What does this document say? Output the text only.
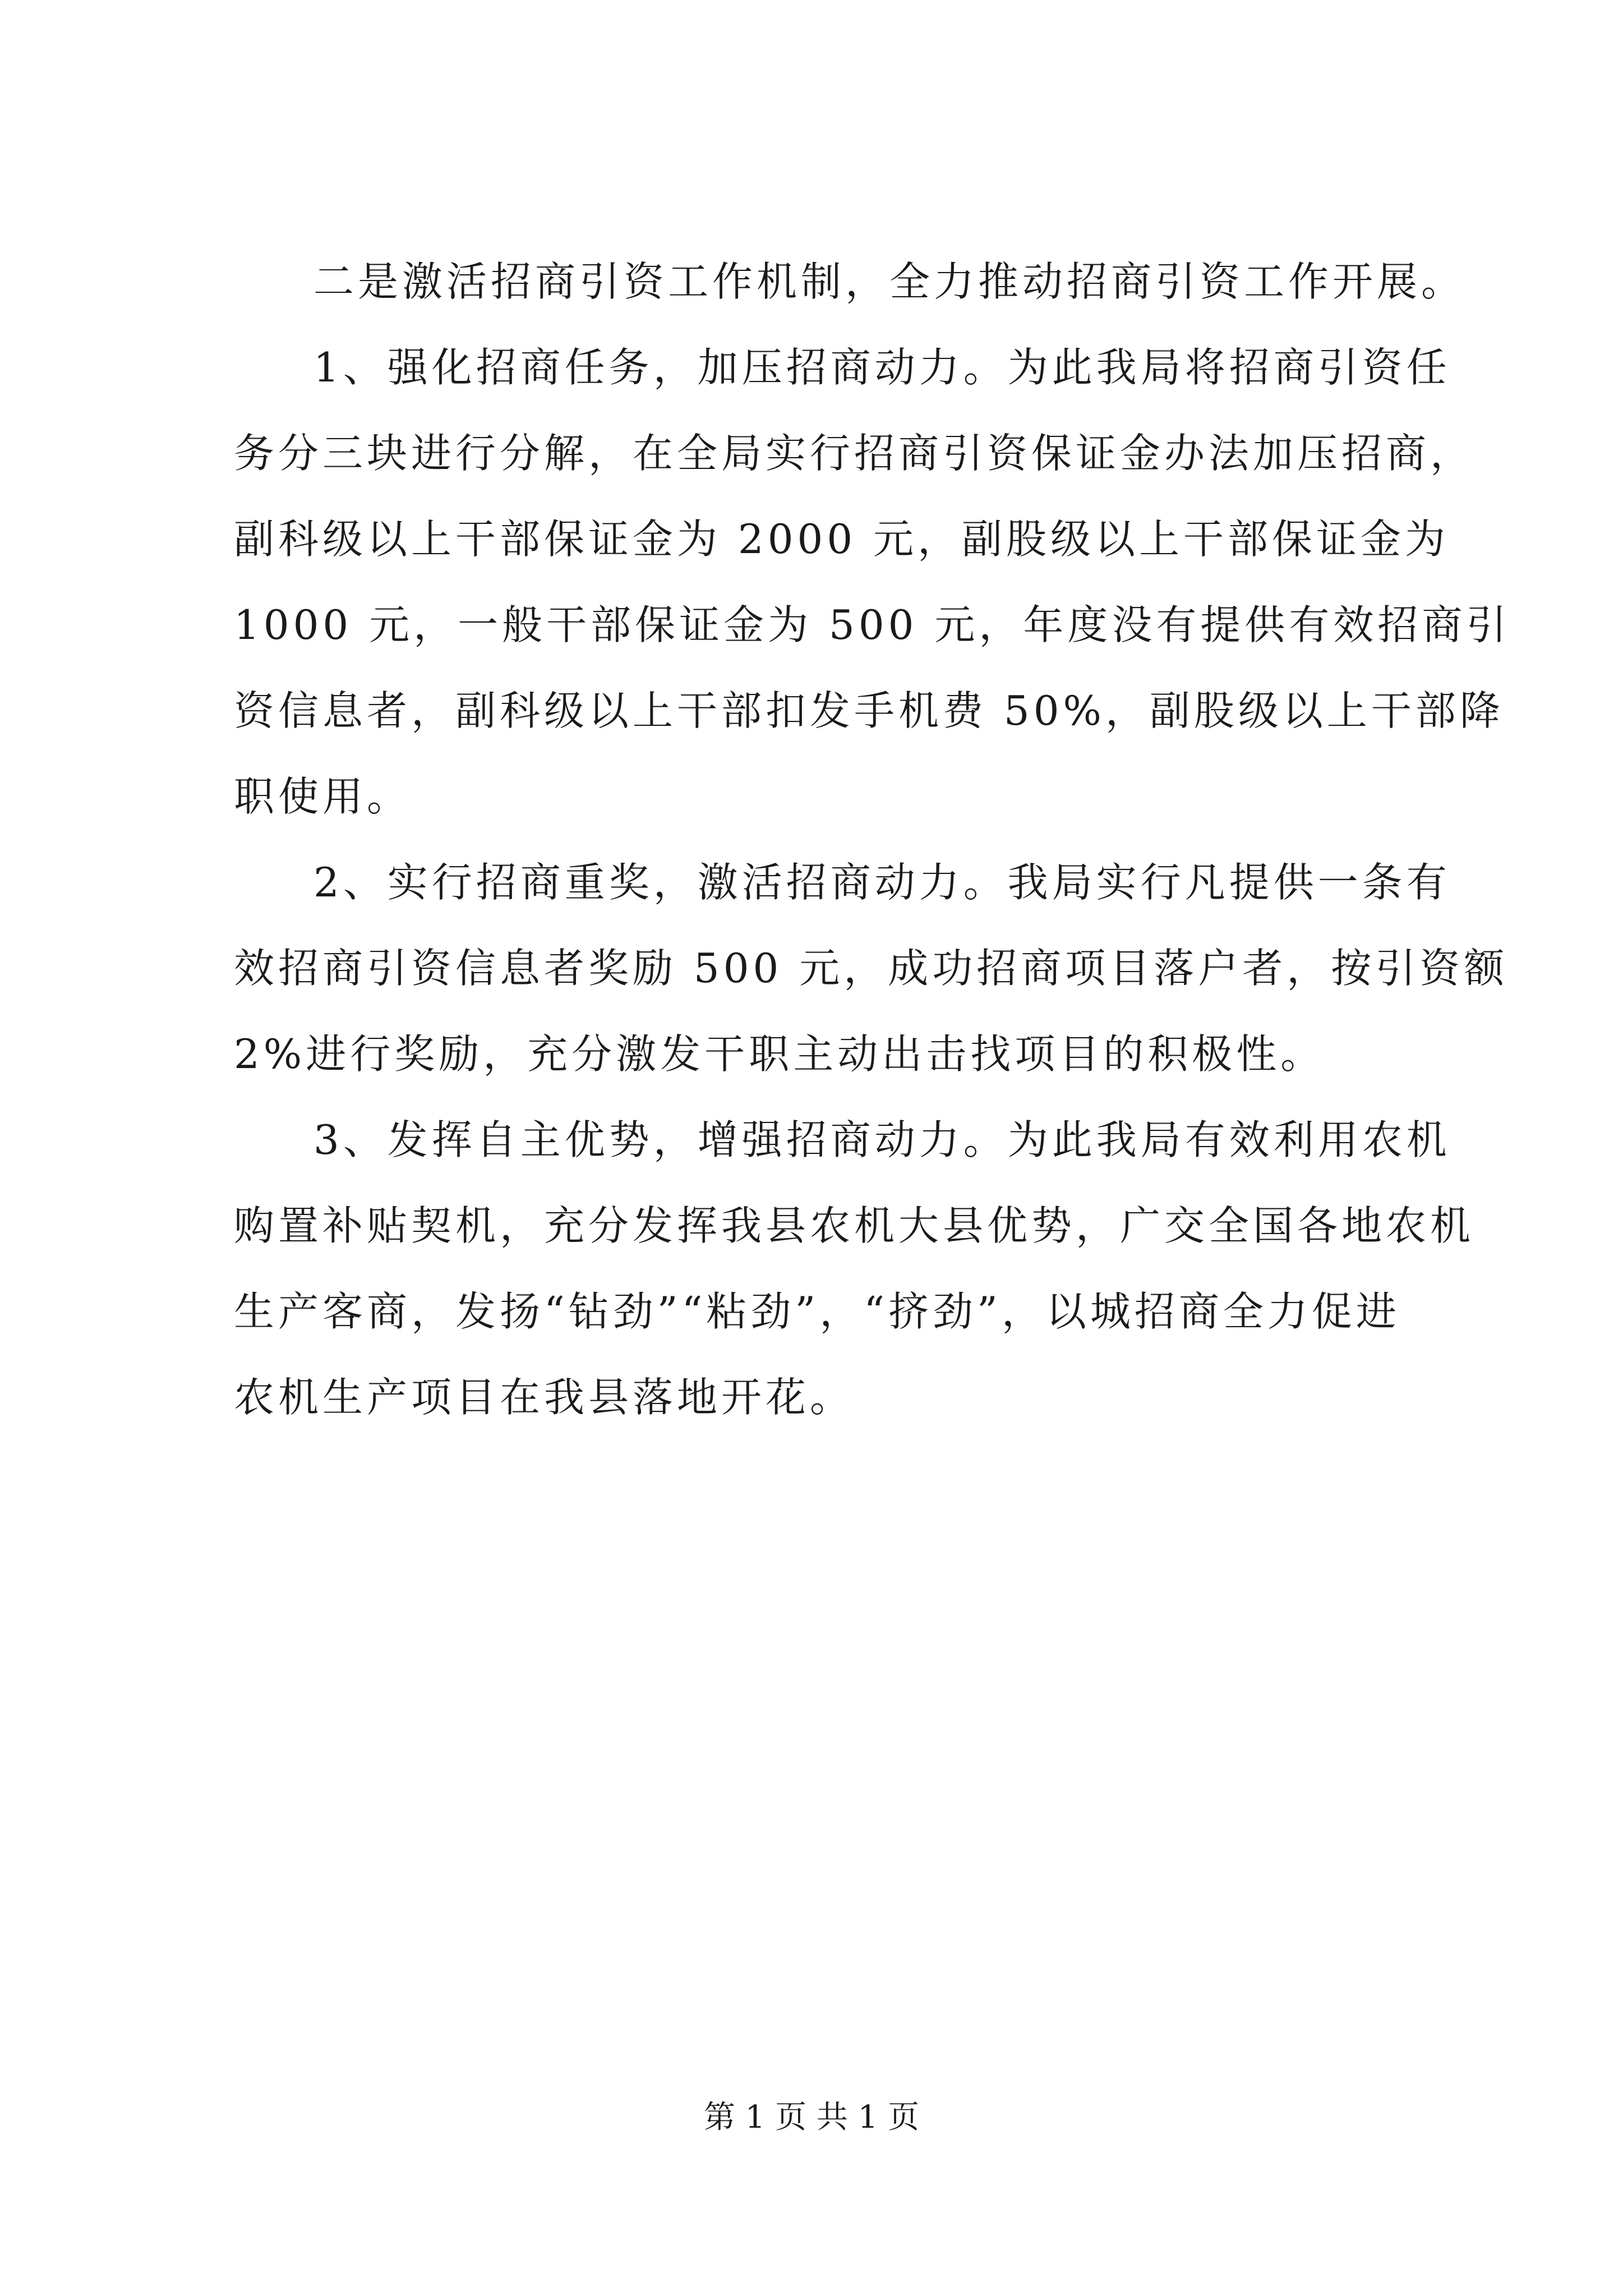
二是激活招商引资工作机制，全力推动招商引资工作开展。
1、强化招商任务，加压招商动力。为此我局将招商引资任
务分三块进行分解，在全局实行招商引资保证金办法加压招商，
副科级以上干部保证金为 2000 元，副股级以上干部保证金为
1000 元，一般干部保证金为 500 元，年度没有提供有效招商引
资信息者，副科级以上干部扣发手机费 50%，副股级以上干部降
职使用。
2、实行招商重奖，激活招商动力。我局实行凡提供一条有
效招商引资信息者奖励 500 元，成功招商项目落户者，按引资额
2%进行奖励，充分激发干职主动出击找项目的积极性。
3、发挥自主优势，增强招商动力。为此我局有效利用农机
购置补贴契机，充分发挥我县农机大县优势，广交全国各地农机
生产客商，发扬“钻劲”“粘劲”，“挤劲”，以城招商全力促进
农机生产项目在我县落地开花。
第 1 页 共 1 页
